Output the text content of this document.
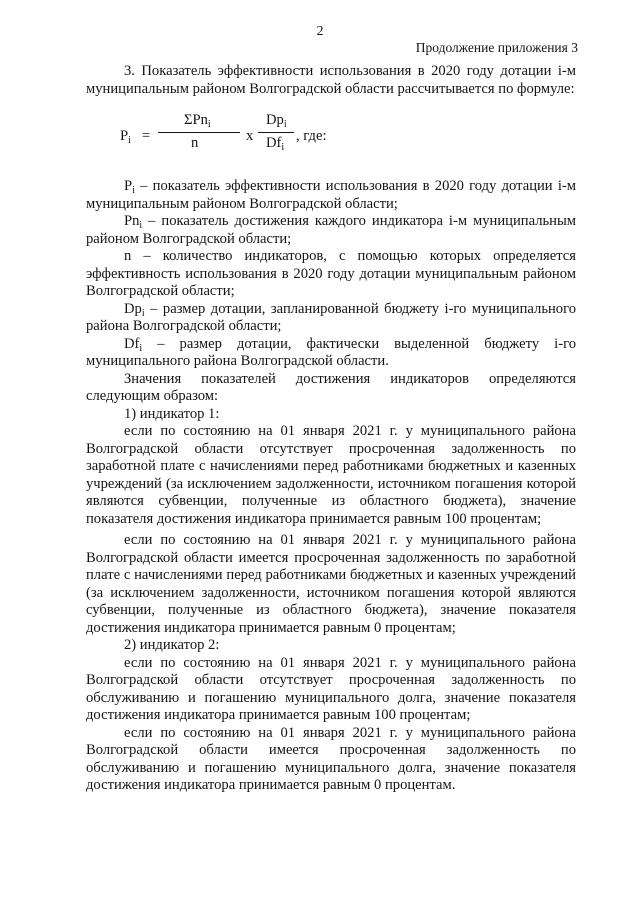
2
Продолжение приложения 3

3. Показатель эффективности использования в 2020 году дотации i-м муниципальным районом Волгоградской области рассчитывается по формуле:

$P_i$ =
ΣPn$_i$
n	x
$Dp_i$
$Df_i$
, где:

$P_i$ – показатель эффективности использования в 2020 году дотации i-м муниципальным районом Волгоградской области;

$Pn_i$ – показатель достижения каждого индикатора i-м муниципальным районом Волгоградской области;

n – количество индикаторов, с помощью которых определяется эффективность использования в 2020 году дотации муниципальным районом Волгоградской области;

$Dp_i$ – размер дотации, запланированной бюджету i-го муниципального района Волгоградской области;

$Df_i$ – размер дотации, фактически выделенной бюджету i-го муниципального района Волгоградской области.

Значения показателей достижения индикаторов определяются следующим образом:

1) индикатор 1:

если по состоянию на 01 января 2021 г. у муниципального района Волгоградской области отсутствует просроченная задолженность по заработной плате с начислениями перед работниками бюджетных и казенных учреждений (за исключением задолженности, источником погашения которой являются субвенции, полученные из областного бюджета), значение показателя достижения индикатора принимается равным 100 процентам;

если по состоянию на 01 января 2021 г. у муниципального района Волгоградской области имеется просроченная задолженность по заработной плате с начислениями перед работниками бюджетных и казенных учреждений (за исключением задолженности, источником погашения которой являются субвенции, полученные из областного бюджета), значение показателя достижения индикатора принимается равным 0 процентам;

2) индикатор 2:

если по состоянию на 01 января 2021 г. у муниципального района Волгоградской области отсутствует просроченная задолженность по обслуживанию и погашению муниципального долга, значение показателя достижения индикатора принимается равным 100 процентам;

если по состоянию на 01 января 2021 г. у муниципального района Волгоградской области имеется просроченная задолженность по обслуживанию и погашению муниципального долга, значение показателя достижения индикатора принимается равным 0 процентам.
